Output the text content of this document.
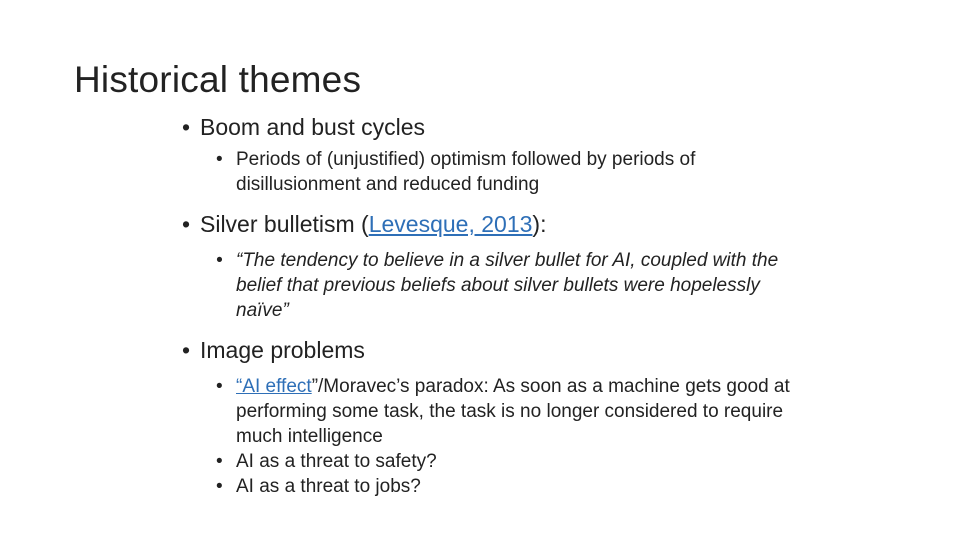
Historical themes

• Boom and bust cycles

• Periods of (unjustified) optimism followed by periods of disillusionment and reduced funding

• Silver bulletism (Levesque, 2013):

• “The tendency to believe in a silver bullet for AI, coupled with the belief that previous beliefs about silver bullets were hopelessly naïve”

• Image problems

• “AI effect”/Moravec’s paradox: As soon as a machine gets good at performing some task, the task is no longer considered to require much intelligence
• AI as a threat to safety?
• AI as a threat to jobs?
